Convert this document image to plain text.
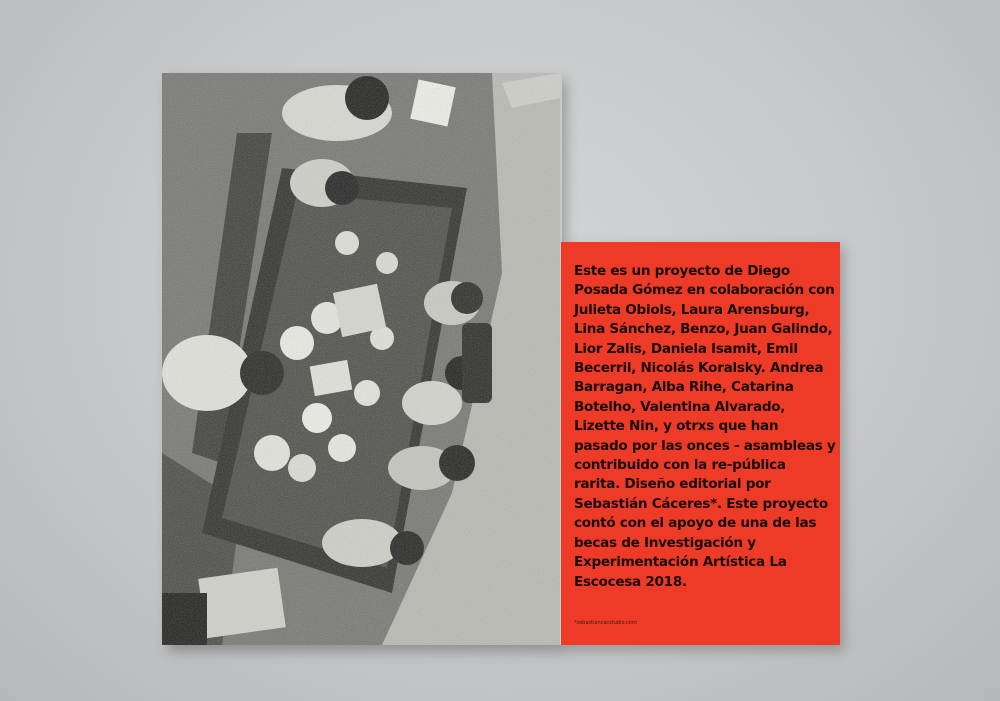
Este es un proyecto de Diego Posada Gómez en colaboración con Julieta Obiols, Laura Arensburg, Lina Sánchez, Benzo, Juan Galindo, Lior Zalis, Daniela Isamit, Emil Becerril, Nicolás Koralsky. Andrea Barragan, Alba Rihe, Catarina Botelho, Valentina Alvarado, Lizette Nin, y otrxs que han pasado por las onces - asambleas y contribuido con la re-pública rarita. Diseño editorial por Sebastián Cáceres*. Este proyecto contó con el apoyo de una de las becas de Investigación y Experimentación Artística La Escocesa 2018.

*sebastiancacstudio.com
